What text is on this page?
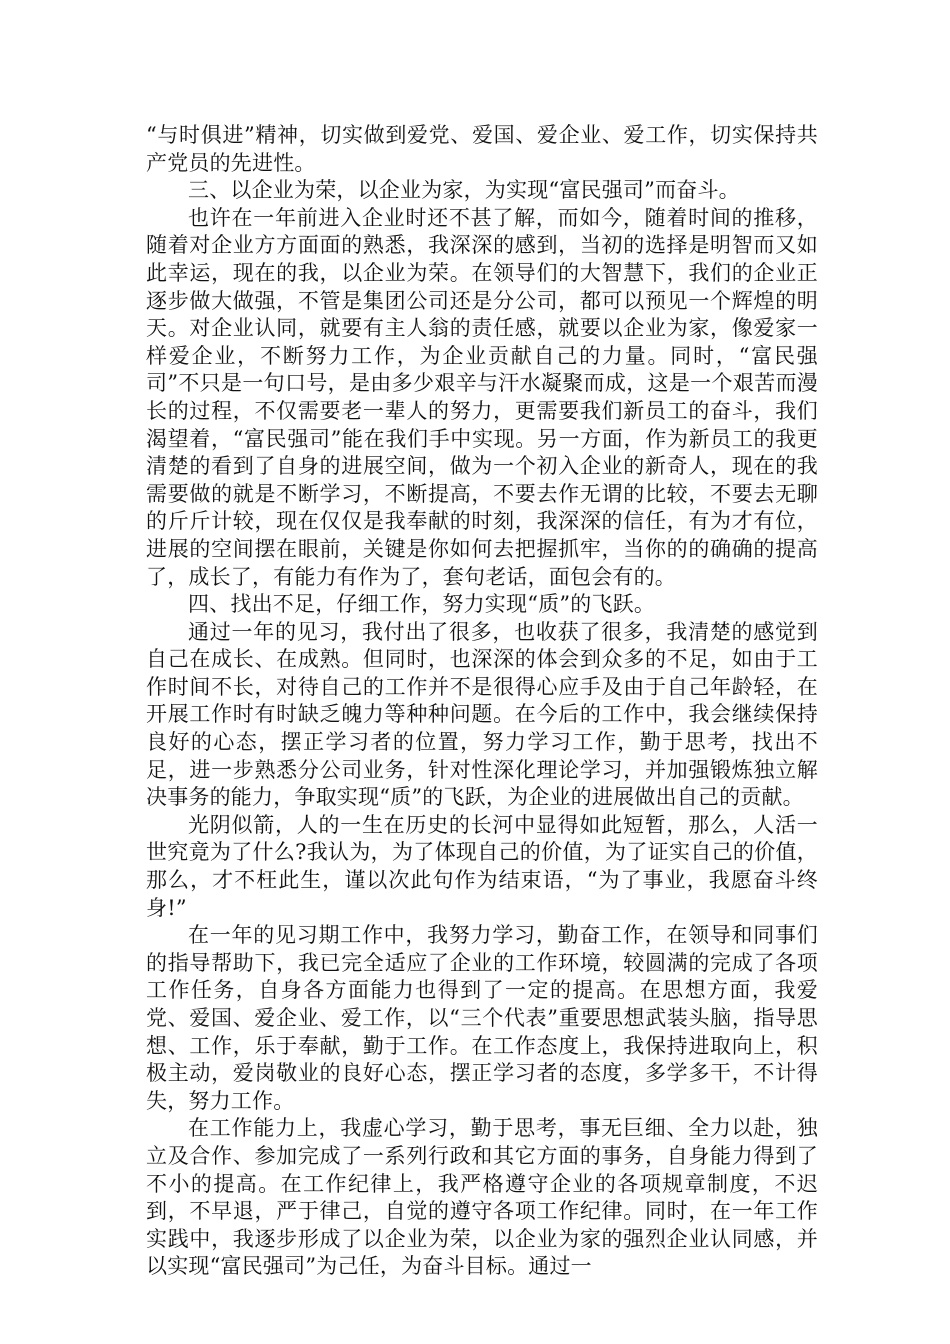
“与时俱进”精神，切实做到爱党、爱国、爱企业、爱工作，切实保持共产党员的先进性。

三、以企业为荣，以企业为家，为实现“富民强司”而奋斗。

也许在一年前进入企业时还不甚了解，而如今，随着时间的推移，随着对企业方方面面的熟悉，我深深的感到，当初的选择是明智而又如此幸运，现在的我，以企业为荣。在领导们的大智慧下，我们的企业正逐步做大做强，不管是集团公司还是分公司，都可以预见一个辉煌的明天。对企业认同，就要有主人翁的责任感，就要以企业为家，像爱家一样爱企业，不断努力工作，为企业贡献自己的力量。同时，“富民强司”不只是一句口号，是由多少艰辛与汗水凝聚而成，这是一个艰苦而漫长的过程，不仅需要老一辈人的努力，更需要我们新员工的奋斗，我们渴望着，“富民强司”能在我们手中实现。另一方面，作为新员工的我更清楚的看到了自身的进展空间，做为一个初入企业的新奇人，现在的我需要做的就是不断学习，不断提高，不要去作无谓的比较，不要去无聊的斤斤计较，现在仅仅是我奉献的时刻，我深深的信任，有为才有位，进展的空间摆在眼前，关键是你如何去把握抓牢，当你的的确确的提高了，成长了，有能力有作为了，套句老话，面包会有的。

四、找出不足，仔细工作，努力实现“质”的飞跃。

通过一年的见习，我付出了很多，也收获了很多，我清楚的感觉到自己在成长、在成熟。但同时，也深深的体会到众多的不足，如由于工作时间不长，对待自己的工作并不是很得心应手及由于自己年龄轻，在开展工作时有时缺乏魄力等种种问题。在今后的工作中，我会继续保持良好的心态，摆正学习者的位置，努力学习工作，勤于思考，找出不足，进一步熟悉分公司业务，针对性深化理论学习，并加强锻炼独立解决事务的能力，争取实现“质”的飞跃，为企业的进展做出自己的贡献。

光阴似箭，人的一生在历史的长河中显得如此短暂，那么，人活一世究竟为了什么?我认为，为了体现自己的价值，为了证实自己的价值，那么，才不枉此生，谨以次此句作为结束语，“为了事业，我愿奋斗终身!”

在一年的见习期工作中，我努力学习，勤奋工作，在领导和同事们的指导帮助下，我已完全适应了企业的工作环境，较圆满的完成了各项工作任务，自身各方面能力也得到了一定的提高。在思想方面，我爱党、爱国、爱企业、爱工作，以“三个代表”重要思想武装头脑，指导思想、工作，乐于奉献，勤于工作。在工作态度上，我保持进取向上，积极主动，爱岗敬业的良好心态，摆正学习者的态度，多学多干，不计得失，努力工作。

在工作能力上，我虚心学习，勤于思考，事无巨细、全力以赴，独立及合作、参加完成了一系列行政和其它方面的事务，自身能力得到了不小的提高。在工作纪律上，我严格遵守企业的各项规章制度，不迟到，不早退，严于律己，自觉的遵守各项工作纪律。同时，在一年工作实践中，我逐步形成了以企业为荣，以企业为家的强烈企业认同感，并以实现“富民强司”为己任，为奋斗目标。通过一
